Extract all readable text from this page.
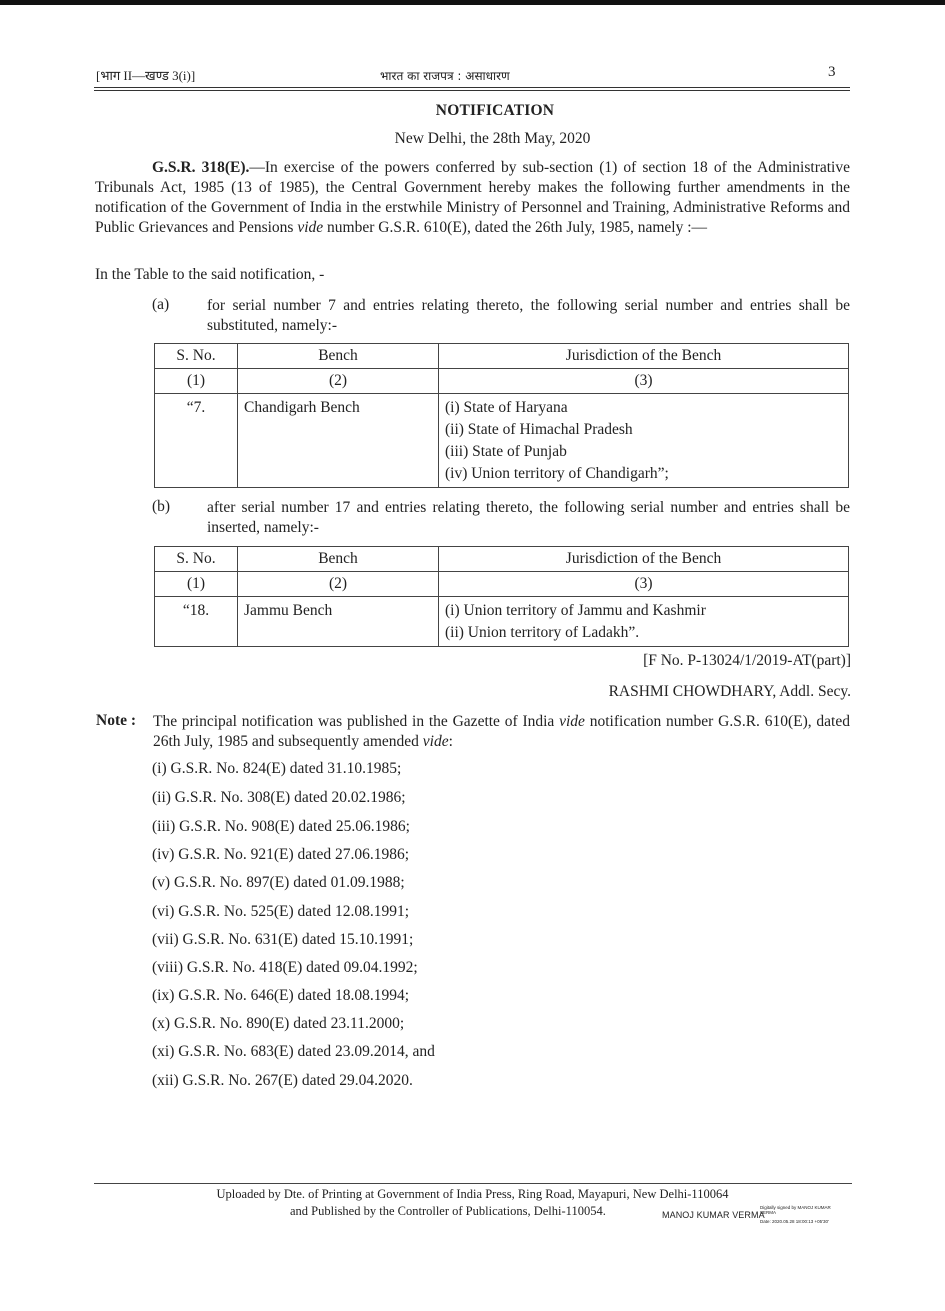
[भाग II—खण्ड 3(i)]	भारत का राजपत्र : असाधारण	3
NOTIFICATION
New Delhi, the 28th May, 2020
G.S.R. 318(E).—In exercise of the powers conferred by sub-section (1) of section 18 of the Administrative Tribunals Act, 1985 (13 of 1985), the Central Government hereby makes the following further amendments in the notification of the Government of India in the erstwhile Ministry of Personnel and Training, Administrative Reforms and Public Grievances and Pensions vide number G.S.R. 610(E), dated the 26th July, 1985, namely :—
In the Table to the said notification, -
(a) for serial number 7 and entries relating thereto, the following serial number and entries shall be substituted, namely:-
S. No.	Bench	Jurisdiction of the Bench
(1)	(2)	(3)
“7.	Chandigarh Bench	(i) State of Haryana
(ii) State of Himachal Pradesh
(iii) State of Punjab
(iv) Union territory of Chandigarh”;
(b) after serial number 17 and entries relating thereto, the following serial number and entries shall be inserted, namely:-
S. No.	Bench	Jurisdiction of the Bench
(1)	(2)	(3)
“18.	Jammu Bench	(i) Union territory of Jammu and Kashmir
(ii) Union territory of Ladakh”.
[F No. P-13024/1/2019-AT(part)]
RASHMI CHOWDHARY, Addl. Secy.
Note : The principal notification was published in the Gazette of India vide notification number G.S.R. 610(E), dated 26th July, 1985 and subsequently amended vide:
(i) G.S.R. No. 824(E) dated 31.10.1985;
(ii) G.S.R. No. 308(E) dated 20.02.1986;
(iii) G.S.R. No. 908(E) dated 25.06.1986;
(iv) G.S.R. No. 921(E) dated 27.06.1986;
(v) G.S.R. No. 897(E) dated 01.09.1988;
(vi) G.S.R. No. 525(E) dated 12.08.1991;
(vii) G.S.R. No. 631(E) dated 15.10.1991;
(viii) G.S.R. No. 418(E) dated 09.04.1992;
(ix) G.S.R. No. 646(E) dated 18.08.1994;
(x) G.S.R. No. 890(E) dated 23.11.2000;
(xi) G.S.R. No. 683(E) dated 23.09.2014, and
(xii) G.S.R. No. 267(E) dated 29.04.2020.
Uploaded by Dte. of Printing at Government of India Press, Ring Road, Mayapuri, New Delhi-110064
and Published by the Controller of Publications, Delhi-110054.	MANOJ KUMAR VERMA
Digitally signed by MANOJ KUMAR
VERMA
Date: 2020.05.28 18:00:13 +05'30'
